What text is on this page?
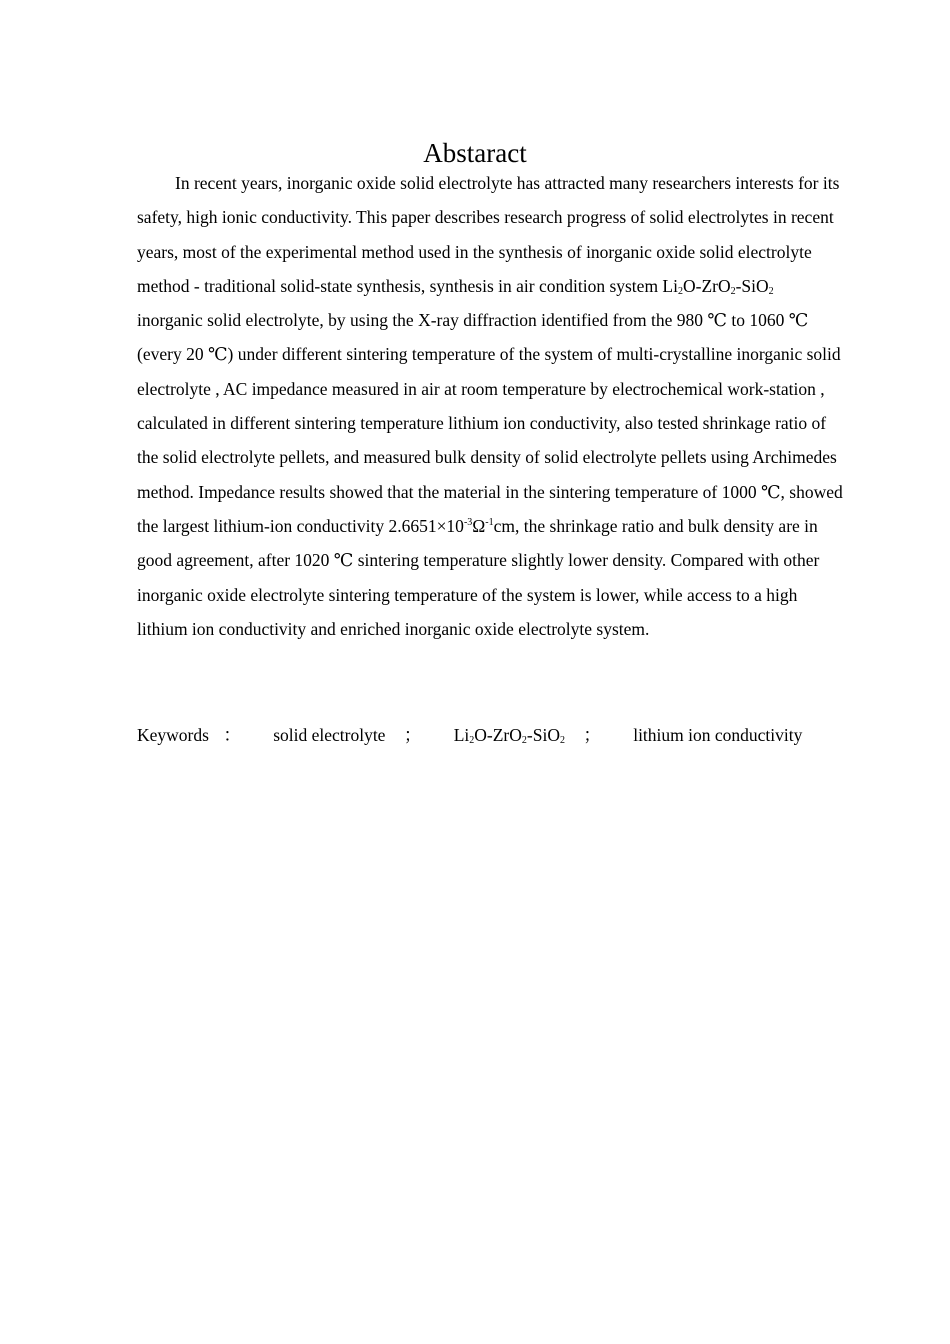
Abstaract

In recent years, inorganic oxide solid electrolyte has attracted many researchers interests for its safety, high ionic conductivity. This paper describes research progress of solid electrolytes in recent years, most of the experimental method used in the synthesis of inorganic oxide solid electrolyte method - traditional solid-state synthesis, synthesis in air condition system $Li_2O-ZrO_2-SiO_2$ inorganic solid electrolyte, by using the X-ray diffraction identified from the 980 ℃ to 1060 ℃ (every 20 ℃) under different sintering temperature of the system of multi-crystalline inorganic solid electrolyte , AC impedance measured in air at room temperature by electrochemical work-station , calculated in different sintering temperature lithium ion conductivity, also tested shrinkage ratio of the solid electrolyte pellets, and measured bulk density of solid electrolyte pellets using Archimedes method. Impedance results showed that the material in the sintering temperature of 1000 ℃, showed the largest lithium-ion conductivity $2.6651\times 10^{-3}\Omega^{-1}cm$, the shrinkage ratio and bulk density are in good agreement, after 1020 ℃ sintering temperature slightly lower density. Compared with other inorganic oxide electrolyte sintering temperature of the system is lower, while access to a high lithium ion conductivity and enriched inorganic oxide electrolyte system.

Keywords ： solid electrolyte ； $Li_2O-ZrO_2-SiO_2$ ； lithium ion conductivity
